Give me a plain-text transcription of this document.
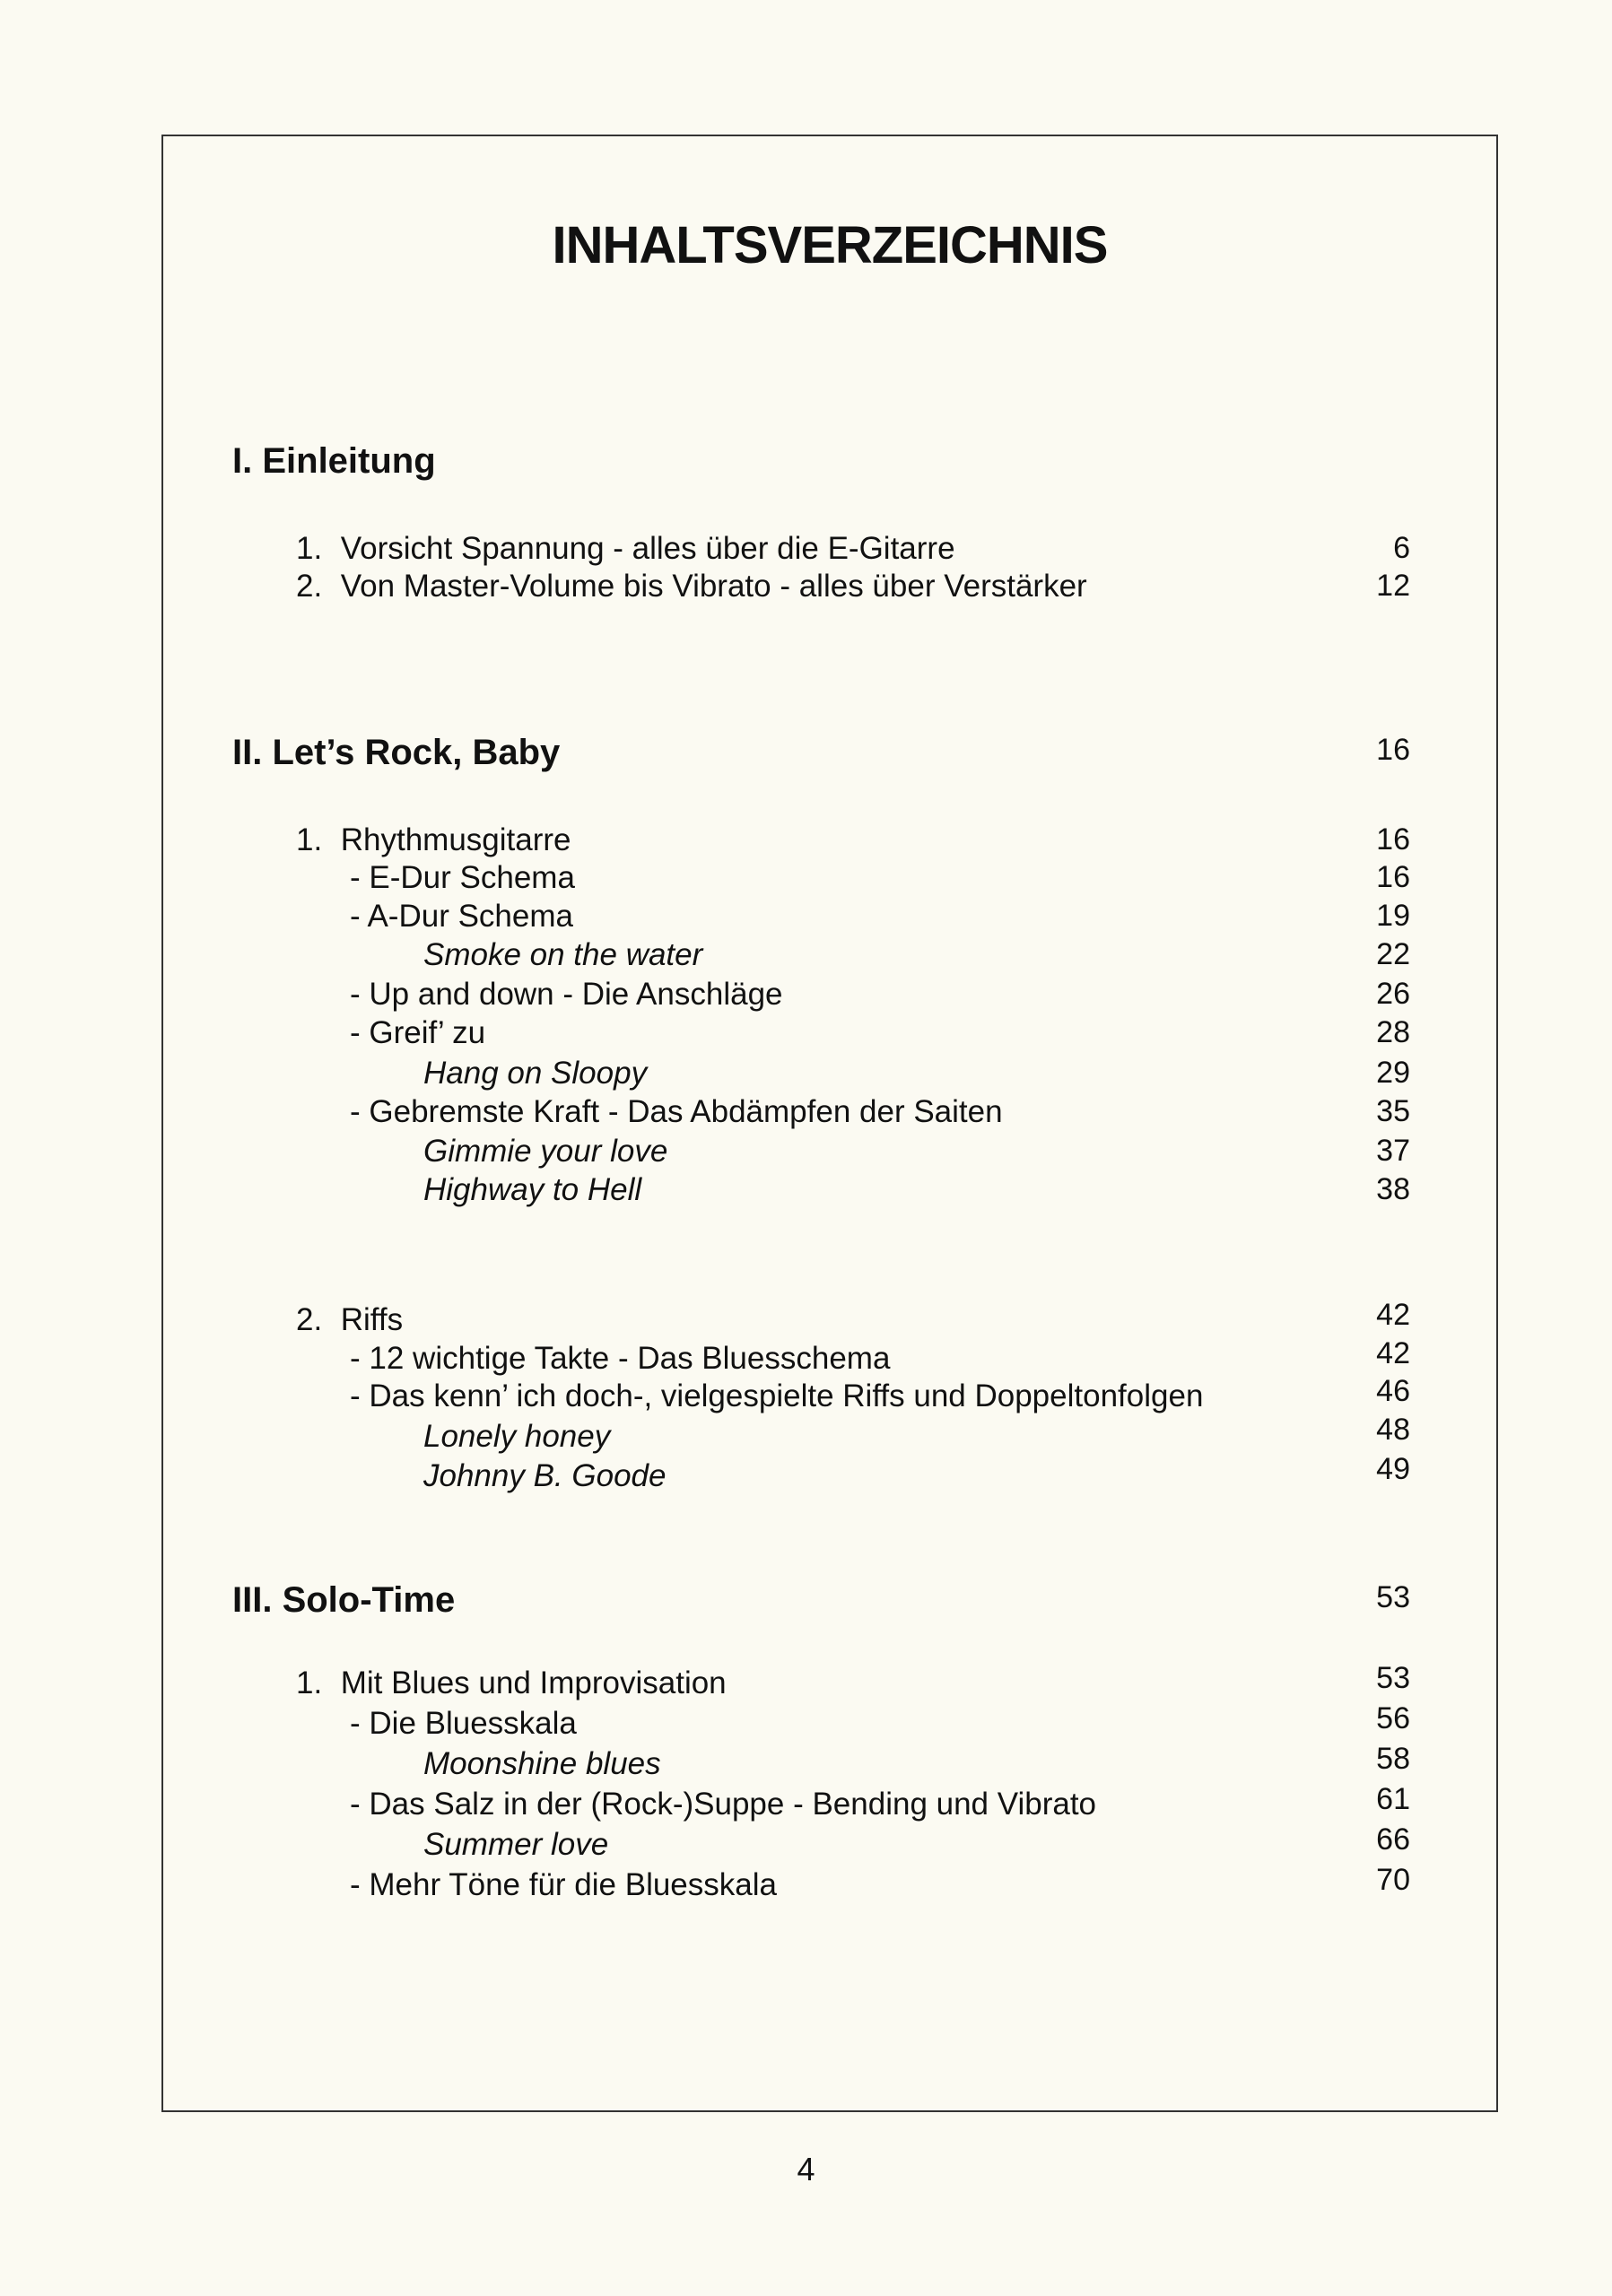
INHALTSVERZEICHNIS
I. Einleitung
1. Vorsicht Spannung - alles über die E-Gitarre	6
2. Von Master-Volume bis Vibrato - alles über Verstärker	12
II. Let’s Rock, Baby	16
1. Rhythmusgitarre	16
- E-Dur Schema	16
- A-Dur Schema	19
Smoke on the water	22
- Up and down - Die Anschläge	26
- Greif’ zu	28
Hang on Sloopy	29
- Gebremste Kraft - Das Abdämpfen der Saiten	35
Gimmie your love	37
Highway to Hell	38
2. Riffs	42
- 12 wichtige Takte - Das Bluesschema	42
- Das kenn’ ich doch-, vielgespielte Riffs und Doppeltonfolgen	46
Lonely honey	48
Johnny B. Goode	49
III. Solo-Time	53
1. Mit Blues und Improvisation	53
- Die Bluesskala	56
Moonshine blues	58
- Das Salz in der (Rock-)Suppe - Bending und Vibrato	61
Summer love	66
- Mehr Töne für die Bluesskala	70
4
